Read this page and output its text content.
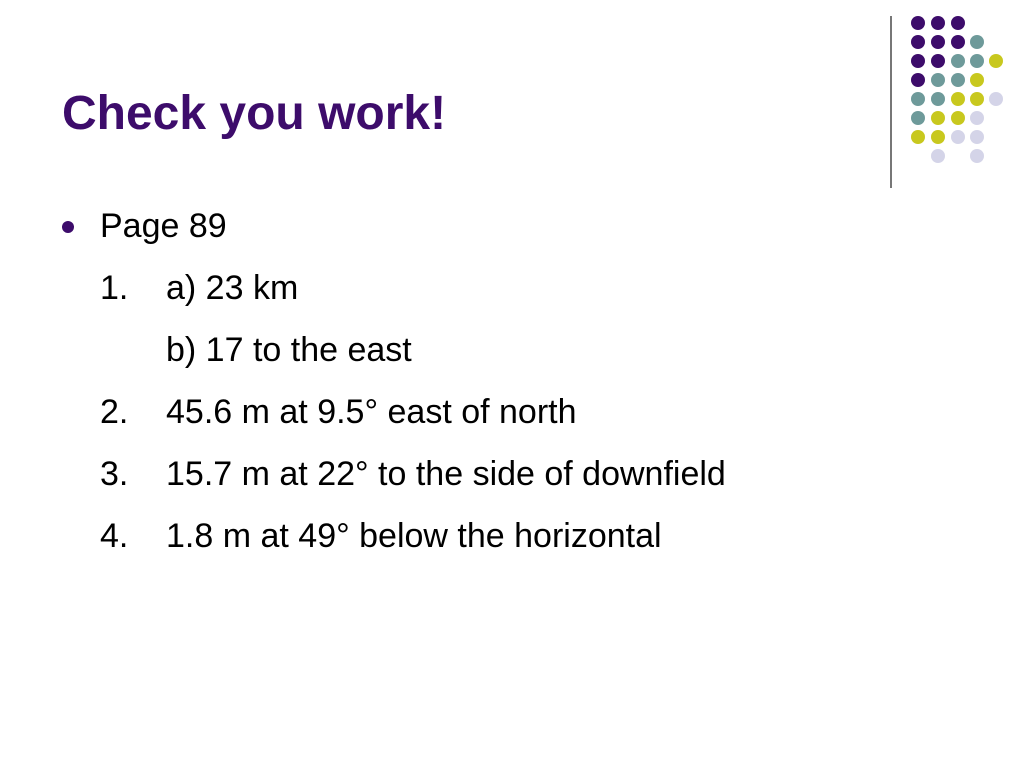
Check you work!
Page 89
1. a) 23 km
b) 17 to the east
2. 45.6 m at 9.5° east of north
3. 15.7 m at 22° to the side of downfield
4. 1.8 m at 49° below the horizontal
